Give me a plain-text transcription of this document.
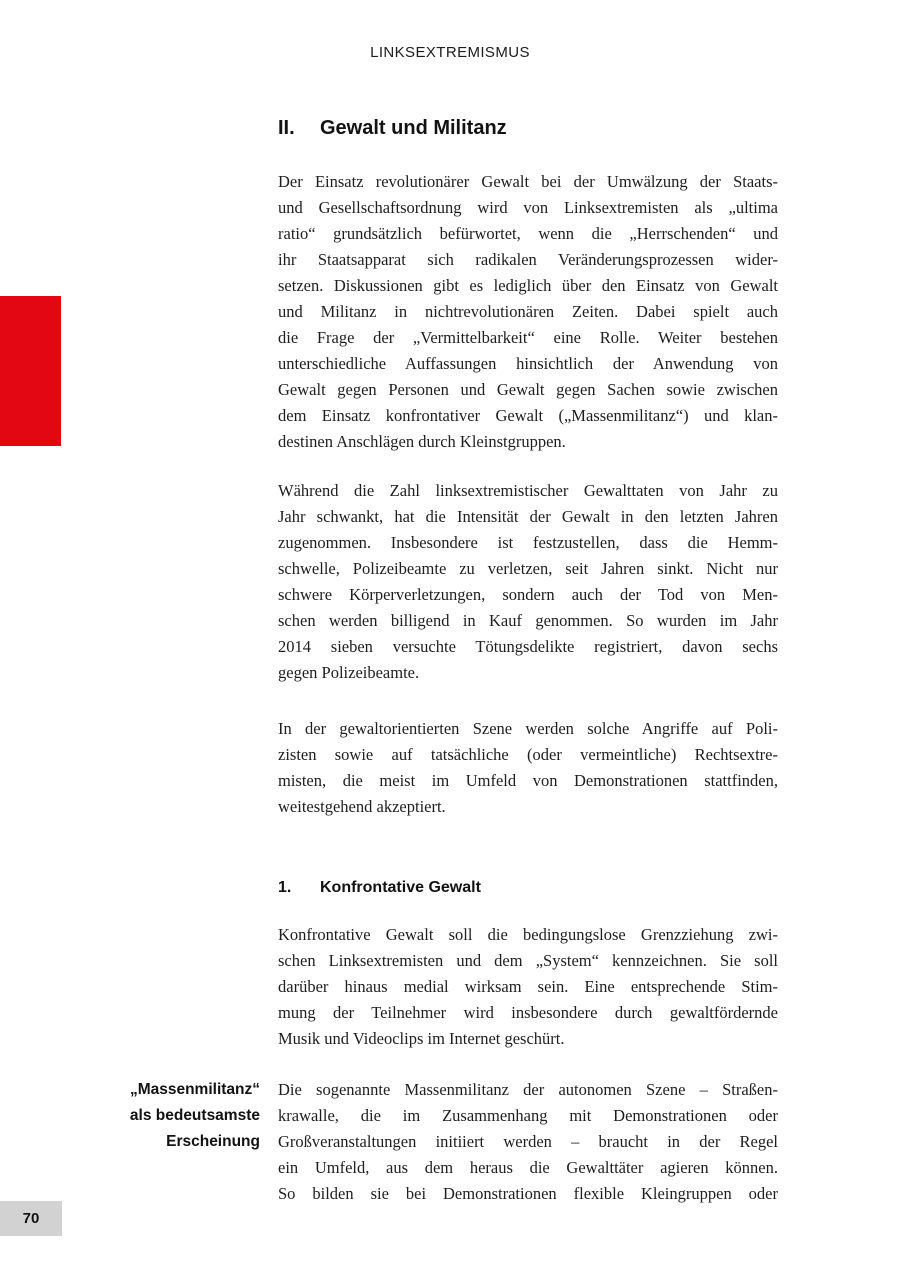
LINKSEXTREMISMUS
II.	Gewalt und Militanz
Der Einsatz revolutionärer Gewalt bei der Umwälzung der Staats-
und Gesellschaftsordnung wird von Linksextremisten als „ultima
ratio“ grundsätzlich befürwortet, wenn die „Herrschenden“ und
ihr Staatsapparat sich radikalen Veränderungsprozessen wider-
setzen. Diskussionen gibt es lediglich über den Einsatz von Gewalt
und Militanz in nichtrevolutionären Zeiten. Dabei spielt auch
die Frage der „Vermittelbarkeit“ eine Rolle. Weiter bestehen
unterschiedliche Auffassungen hinsichtlich der Anwendung von
Gewalt gegen Personen und Gewalt gegen Sachen sowie zwischen
dem Einsatz konfrontativer Gewalt („Massenmilitanz“) und klan-
destinen Anschlägen durch Kleinstgruppen.
Während die Zahl linksextremistischer Gewalttaten von Jahr zu
Jahr schwankt, hat die Intensität der Gewalt in den letzten Jahren
zugenommen. Insbesondere ist festzustellen, dass die Hemm-
schwelle, Polizeibeamte zu verletzen, seit Jahren sinkt. Nicht nur
schwere Körperverletzungen, sondern auch der Tod von Men-
schen werden billigend in Kauf genommen. So wurden im Jahr
2014 sieben versuchte Tötungsdelikte registriert, davon sechs
gegen Polizeibeamte.
In der gewaltorientierten Szene werden solche Angriffe auf Poli-
zisten sowie auf tatsächliche (oder vermeintliche) Rechtsextre-
misten, die meist im Umfeld von Demonstrationen stattfinden,
weitestgehend akzeptiert.
1.	Konfrontative Gewalt
Konfrontative Gewalt soll die bedingungslose Grenzziehung zwi-
schen Linksextremisten und dem „System“ kennzeichnen. Sie soll
darüber hinaus medial wirksam sein. Eine entsprechende Stim-
mung der Teilnehmer wird insbesondere durch gewaltfördernde
Musik und Videoclips im Internet geschürt.
„Massenmilitanz“
als bedeutsamste
Erscheinung
Die sogenannte Massenmilitanz der autonomen Szene – Straßen-
krawalle, die im Zusammenhang mit Demonstrationen oder
Großveranstaltungen initiiert werden – braucht in der Regel
ein Umfeld, aus dem heraus die Gewalttäter agieren können.
So bilden sie bei Demonstrationen flexible Kleingruppen oder
70
